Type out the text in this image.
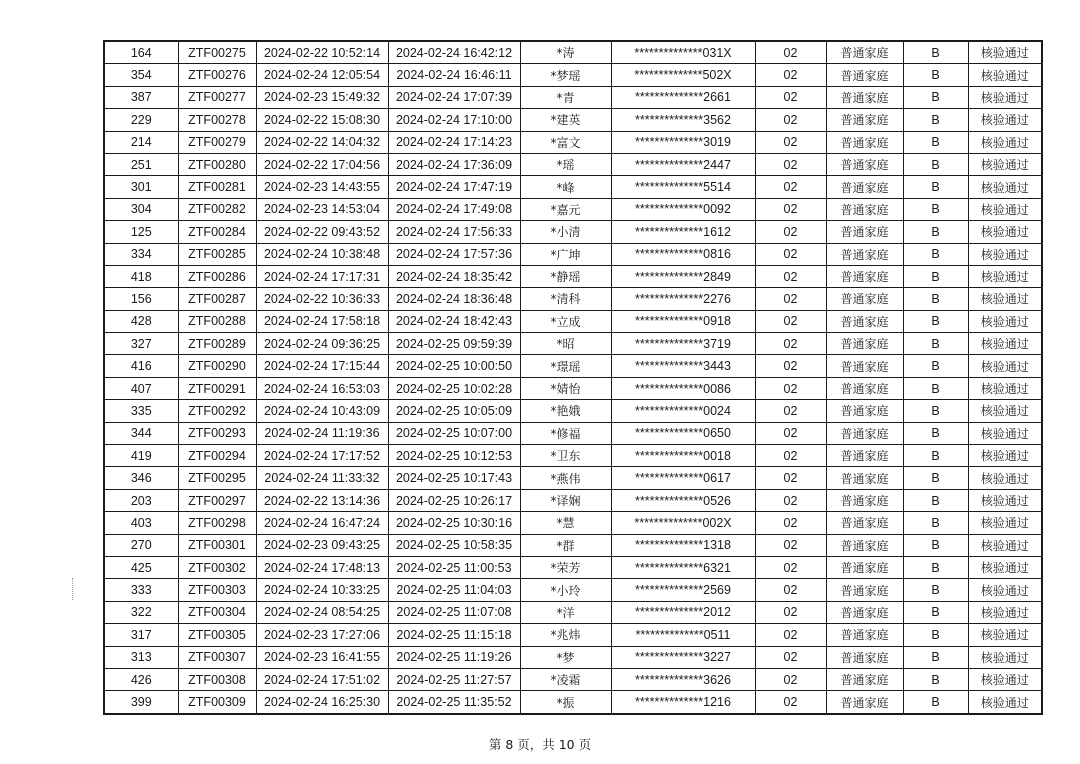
164	ZTF00275	2024-02-22 10:52:14	2024-02-24 16:42:12	*涛	**************031X	02	普通家庭	B	核验通过
354	ZTF00276	2024-02-24 12:05:54	2024-02-24 16:46:11	*梦瑶	**************502X	02	普通家庭	B	核验通过
387	ZTF00277	2024-02-23 15:49:32	2024-02-24 17:07:39	*青	**************2661	02	普通家庭	B	核验通过
229	ZTF00278	2024-02-22 15:08:30	2024-02-24 17:10:00	*建英	**************3562	02	普通家庭	B	核验通过
214	ZTF00279	2024-02-22 14:04:32	2024-02-24 17:14:23	*富文	**************3019	02	普通家庭	B	核验通过
251	ZTF00280	2024-02-22 17:04:56	2024-02-24 17:36:09	*瑶	**************2447	02	普通家庭	B	核验通过
301	ZTF00281	2024-02-23 14:43:55	2024-02-24 17:47:19	*峰	**************5514	02	普通家庭	B	核验通过
304	ZTF00282	2024-02-23 14:53:04	2024-02-24 17:49:08	*嘉元	**************0092	02	普通家庭	B	核验通过
125	ZTF00284	2024-02-22 09:43:52	2024-02-24 17:56:33	*小清	**************1612	02	普通家庭	B	核验通过
334	ZTF00285	2024-02-24 10:38:48	2024-02-24 17:57:36	*广坤	**************0816	02	普通家庭	B	核验通过
418	ZTF00286	2024-02-24 17:17:31	2024-02-24 18:35:42	*静瑶	**************2849	02	普通家庭	B	核验通过
156	ZTF00287	2024-02-22 10:36:33	2024-02-24 18:36:48	*清科	**************2276	02	普通家庭	B	核验通过
428	ZTF00288	2024-02-24 17:58:18	2024-02-24 18:42:43	*立成	**************0918	02	普通家庭	B	核验通过
327	ZTF00289	2024-02-24 09:36:25	2024-02-25 09:59:39	*昭	**************3719	02	普通家庭	B	核验通过
416	ZTF00290	2024-02-24 17:15:44	2024-02-25 10:00:50	*璟瑶	**************3443	02	普通家庭	B	核验通过
407	ZTF00291	2024-02-24 16:53:03	2024-02-25 10:02:28	*婧怡	**************0086	02	普通家庭	B	核验通过
335	ZTF00292	2024-02-24 10:43:09	2024-02-25 10:05:09	*艳娥	**************0024	02	普通家庭	B	核验通过
344	ZTF00293	2024-02-24 11:19:36	2024-02-25 10:07:00	*修福	**************0650	02	普通家庭	B	核验通过
419	ZTF00294	2024-02-24 17:17:52	2024-02-25 10:12:53	*卫东	**************0018	02	普通家庭	B	核验通过
346	ZTF00295	2024-02-24 11:33:32	2024-02-25 10:17:43	*燕伟	**************0617	02	普通家庭	B	核验通过
203	ZTF00297	2024-02-22 13:14:36	2024-02-25 10:26:17	*译娴	**************0526	02	普通家庭	B	核验通过
403	ZTF00298	2024-02-24 16:47:24	2024-02-25 10:30:16	*慧	**************002X	02	普通家庭	B	核验通过
270	ZTF00301	2024-02-23 09:43:25	2024-02-25 10:58:35	*群	**************1318	02	普通家庭	B	核验通过
425	ZTF00302	2024-02-24 17:48:13	2024-02-25 11:00:53	*荣芳	**************6321	02	普通家庭	B	核验通过
333	ZTF00303	2024-02-24 10:33:25	2024-02-25 11:04:03	*小玲	**************2569	02	普通家庭	B	核验通过
322	ZTF00304	2024-02-24 08:54:25	2024-02-25 11:07:08	*洋	**************2012	02	普通家庭	B	核验通过
317	ZTF00305	2024-02-23 17:27:06	2024-02-25 11:15:18	*兆炜	**************0511	02	普通家庭	B	核验通过
313	ZTF00307	2024-02-23 16:41:55	2024-02-25 11:19:26	*梦	**************3227	02	普通家庭	B	核验通过
426	ZTF00308	2024-02-24 17:51:02	2024-02-25 11:27:57	*凌霜	**************3626	02	普通家庭	B	核验通过
399	ZTF00309	2024-02-24 16:25:30	2024-02-25 11:35:52	*振	**************1216	02	普通家庭	B	核验通过
第 8 页，共 10 页
